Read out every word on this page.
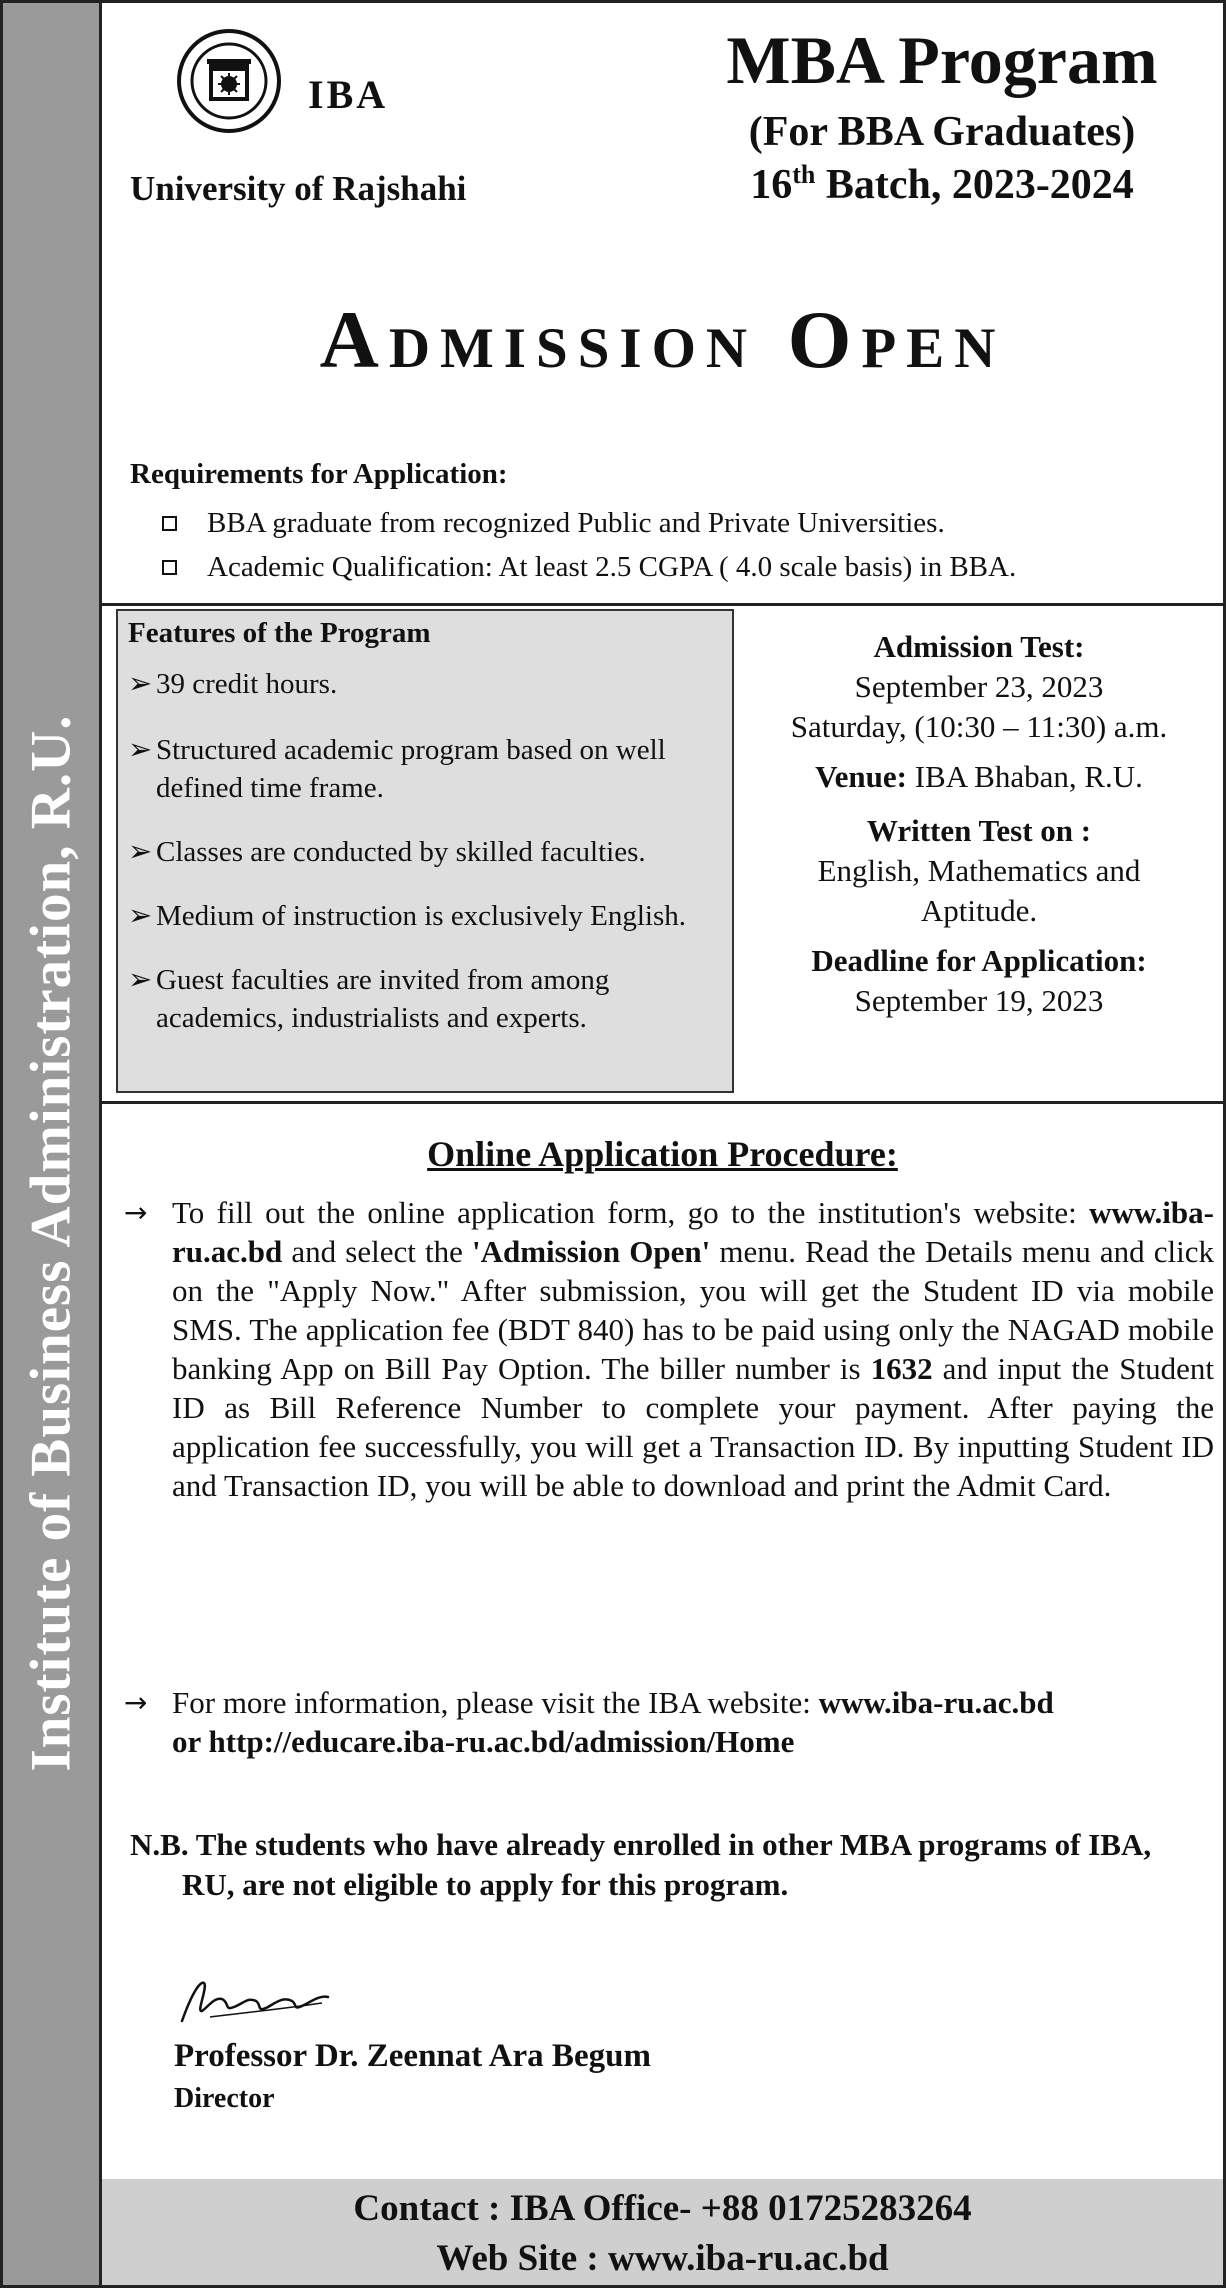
Institute of Business Administration, R.U.
IBA
University of Rajshahi
MBA Program
(For BBA Graduates)
16th Batch, 2023-2024
Admission Open
Requirements for Application:
BBA graduate from recognized Public and Private Universities.
Academic Qualification: At least 2.5 CGPA ( 4.0 scale basis) in BBA.
Features of the Program
➢ 39 credit hours.
➢ Structured academic program based on well
defined time frame.
➢ Classes are conducted by skilled faculties.
➢ Medium of instruction is exclusively English.
➢ Guest faculties are invited from among
academics, industrialists and experts.
Admission Test:
September 23, 2023
Saturday, (10:30 – 11:30) a.m.
Venue: IBA Bhaban, R.U.
Written Test on :
English, Mathematics and
Aptitude.
Deadline for Application:
September 19, 2023
Online Application Procedure:
→ To fill out the online application form, go to the institution's website: www.iba-ru.ac.bd and select the 'Admission Open' menu. Read the Details menu and click on the "Apply Now." After submission, you will get the Student ID via mobile SMS. The application fee (BDT 840) has to be paid using only the NAGAD mobile banking App on Bill Pay Option. The biller number is 1632 and input the Student ID as Bill Reference Number to complete your payment. After paying the application fee successfully, you will get a Transaction ID. By inputting Student ID and Transaction ID, you will be able to download and print the Admit Card.
→ For more information, please visit the IBA website: www.iba-ru.ac.bd
or http://educare.iba-ru.ac.bd/admission/Home
N.B. The students who have already enrolled in other MBA programs of IBA,
RU, are not eligible to apply for this program.
Professor Dr. Zeennat Ara Begum
Director
Contact : IBA Office- +88 01725283264
Web Site : www.iba-ru.ac.bd
